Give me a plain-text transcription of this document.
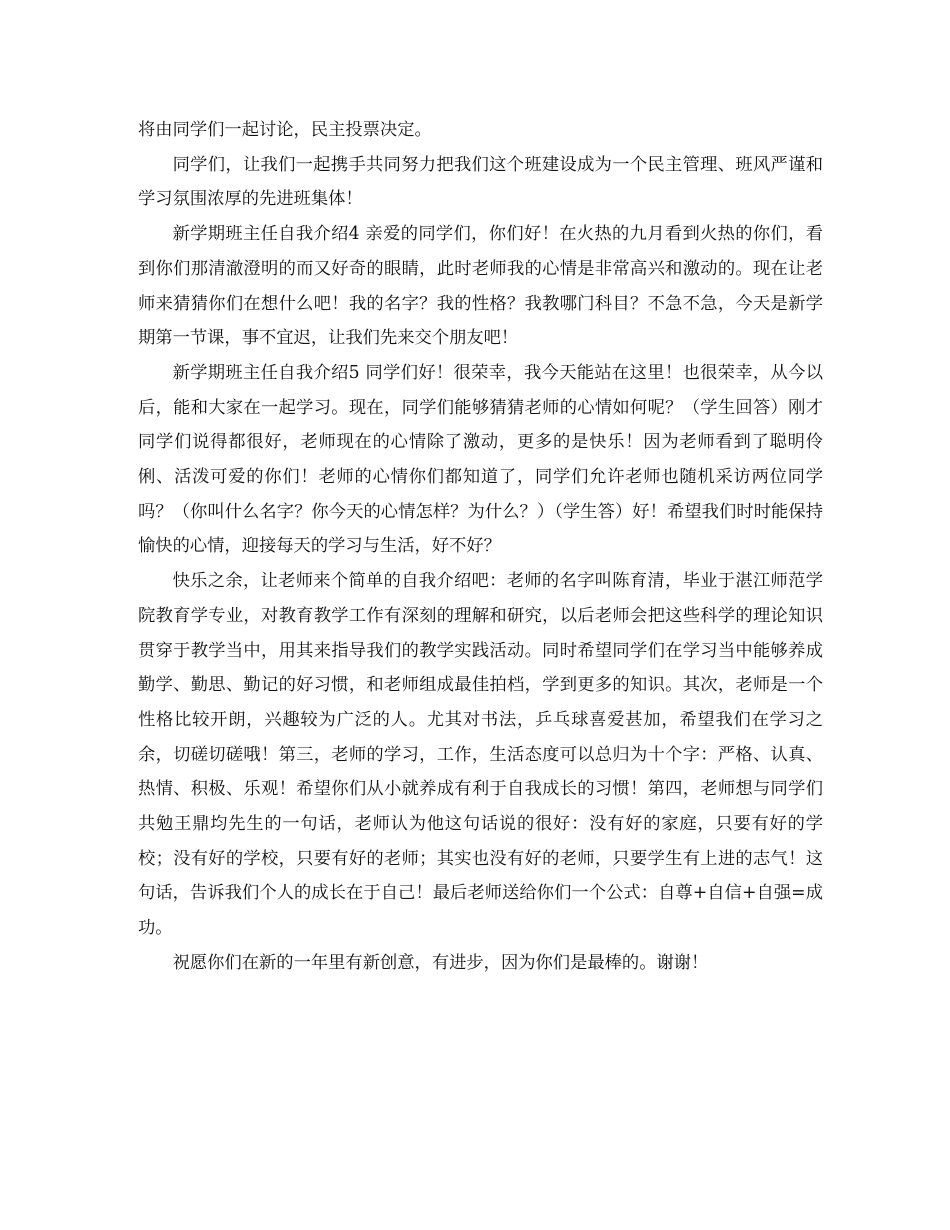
将由同学们一起讨论，民主投票决定。

同学们，让我们一起携手共同努力把我们这个班建设成为一个民主管理、班风严谨和学习氛围浓厚的先进班集体！

新学期班主任自我介绍4 亲爱的同学们，你们好！在火热的九月看到火热的你们，看到你们那清澈澄明的而又好奇的眼睛，此时老师我的心情是非常高兴和激动的。现在让老师来猜猜你们在想什么吧！我的名字？我的性格？我教哪门科目？不急不急，今天是新学期第一节课，事不宜迟，让我们先来交个朋友吧！

新学期班主任自我介绍5 同学们好！很荣幸，我今天能站在这里！也很荣幸，从今以后，能和大家在一起学习。现在，同学们能够猜猜老师的心情如何呢？（学生回答）刚才同学们说得都很好，老师现在的心情除了激动，更多的是快乐！因为老师看到了聪明伶俐、活泼可爱的你们！老师的心情你们都知道了，同学们允许老师也随机采访两位同学吗？（你叫什么名字？你今天的心情怎样？为什么？）（学生答）好！希望我们时时能保持愉快的心情，迎接每天的学习与生活，好不好？

快乐之余，让老师来个简单的自我介绍吧：老师的名字叫陈育清，毕业于湛江师范学院教育学专业，对教育教学工作有深刻的理解和研究，以后老师会把这些科学的理论知识贯穿于教学当中，用其来指导我们的教学实践活动。同时希望同学们在学习当中能够养成勤学、勤思、勤记的好习惯，和老师组成最佳拍档，学到更多的知识。其次，老师是一个性格比较开朗，兴趣较为广泛的人。尤其对书法，乒乓球喜爱甚加，希望我们在学习之余，切磋切磋哦！第三，老师的学习，工作，生活态度可以总归为十个字：严格、认真、热情、积极、乐观！希望你们从小就养成有利于自我成长的习惯！第四，老师想与同学们共勉王鼎均先生的一句话，老师认为他这句话说的很好：没有好的家庭，只要有好的学校；没有好的学校，只要有好的老师；其实也没有好的老师，只要学生有上进的志气！这句话，告诉我们个人的成长在于自己！最后老师送给你们一个公式：自尊+自信+自强=成功。

祝愿你们在新的一年里有新创意，有进步，因为你们是最棒的。谢谢！
